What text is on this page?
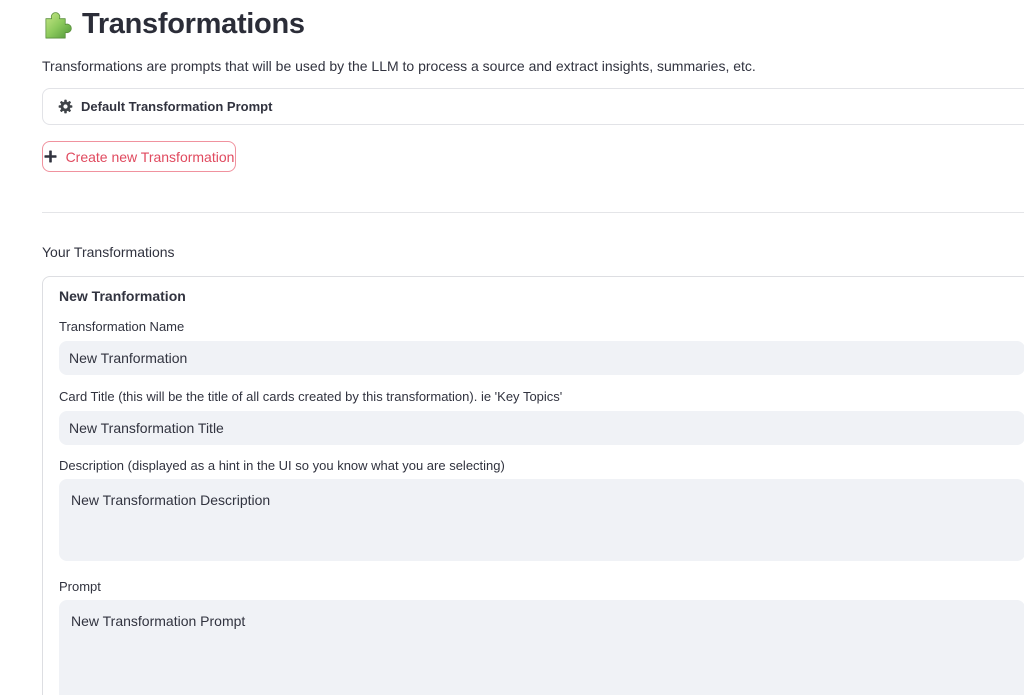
Transformations

Transformations are prompts that will be used by the LLM to process a source and extract insights, summaries, etc.

Default Transformation Prompt
Create new Transformation
Your Transformations
New Tranformation
Transformation Name
New Tranformation
Card Title (this will be the title of all cards created by this transformation). ie 'Key Topics'
New Transformation Title
Description (displayed as a hint in the UI so you know what you are selecting)
New Transformation Description
Prompt
New Transformation Prompt
